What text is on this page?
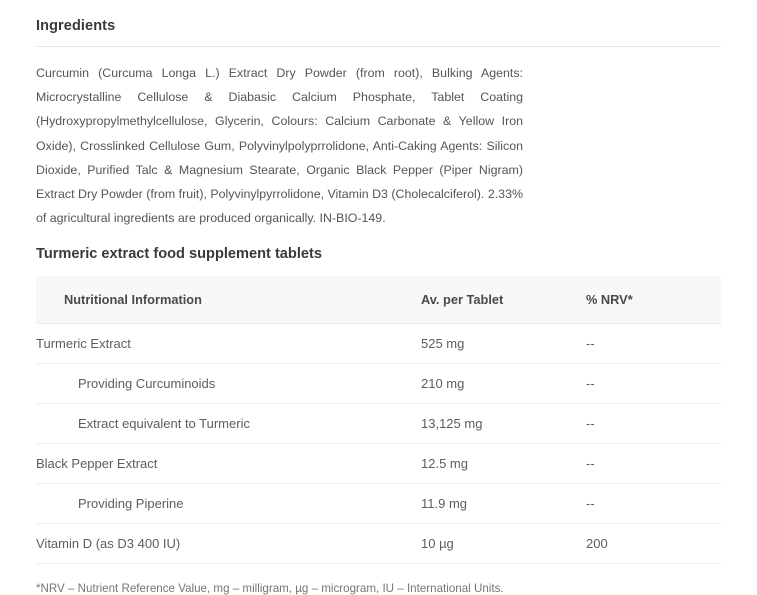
Ingredients

Curcumin (Curcuma Longa L.) Extract Dry Powder (from root), Bulking Agents: Microcrystalline Cellulose & Diabasic Calcium Phosphate, Tablet Coating (Hydroxypropylmethylcellulose, Glycerin, Colours: Calcium Carbonate & Yellow Iron Oxide), Crosslinked Cellulose Gum, Polyvinylpolyprrolidone, Anti-Caking Agents: Silicon Dioxide, Purified Talc & Magnesium Stearate, Organic Black Pepper (Piper Nigram) Extract Dry Powder (from fruit), Polyvinylpyrrolidone, Vitamin D3 (Cholecalciferol). 2.33% of agricultural ingredients are produced organically. IN-BIO-149.

Turmeric extract food supplement tablets
Nutritional Information	Av. per Tablet	% NRV*
Turmeric Extract	525 mg	--
Providing Curcuminoids	210 mg	--
Extract equivalent to Turmeric	13,125 mg	--
Black Pepper Extract	12.5 mg	--
Providing Piperine	11.9 mg	--
Vitamin D (as D3 400 IU)	10 µg	200

*NRV – Nutrient Reference Value, mg – milligram, µg – microgram, IU – International Units.
